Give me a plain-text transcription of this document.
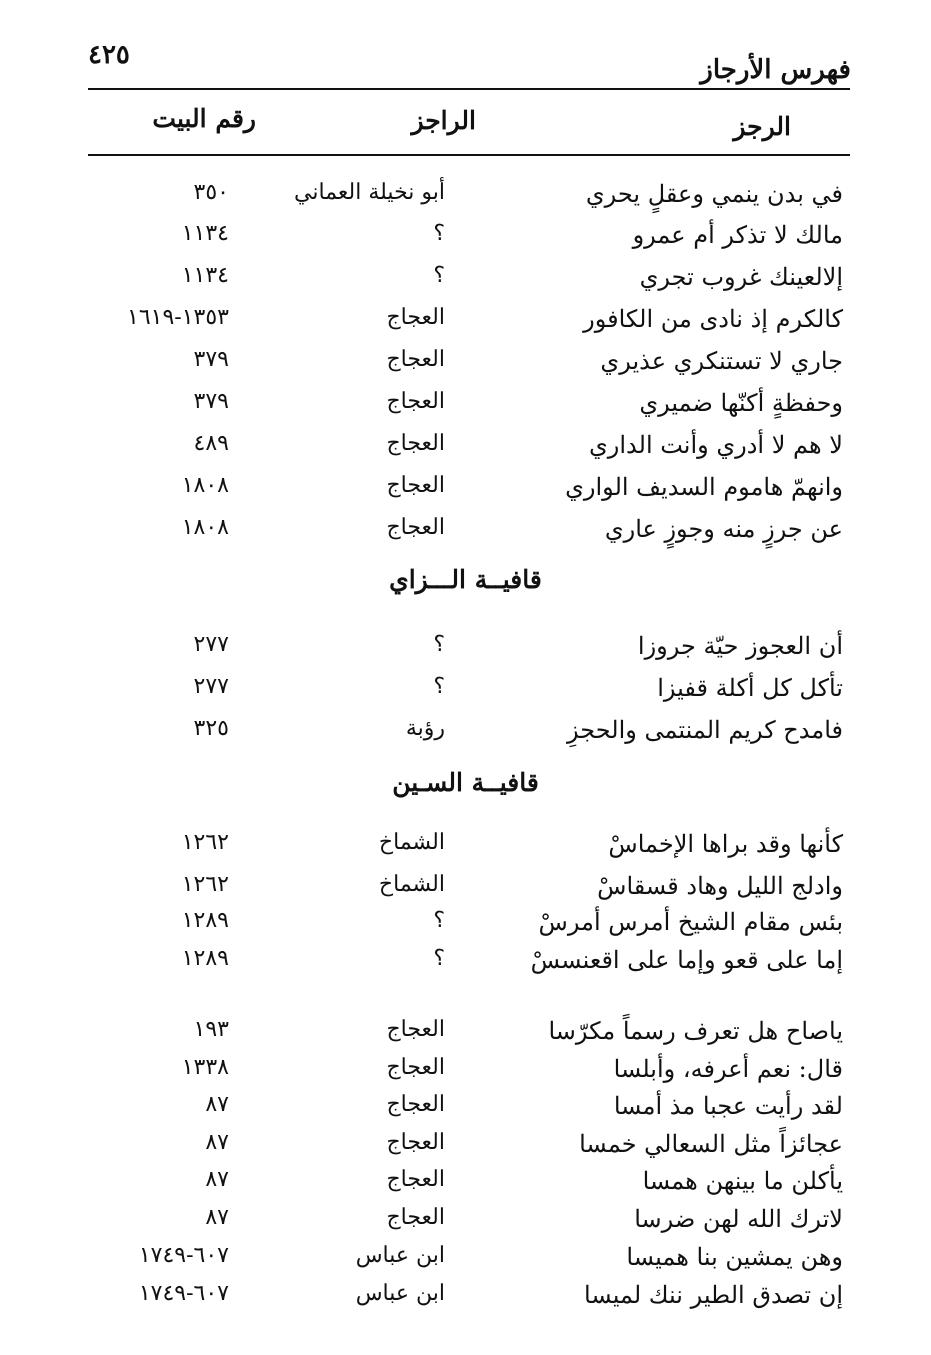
٤٢٥	فهرس الأرجاز
الرجز
الراجز
رقم البيت
في بدن ينمي وعقلٍ يحري
أبو نخيلة العماني
٣٥٠
مالك لا تذكر أم عمرو
؟
١١٣٤
إلالعينك غروب تجري
؟
١١٣٤
كالكرم إذ نادى من الكافور
العجاج
١٣٥٣-١٦١٩
جاري لا تستنكري عذيري
العجاج
٣٧٩
وحفظةٍ أكنّها ضميري
العجاج
٣٧٩
لا هم لا أدري وأنت الداري
العجاج
٤٨٩
وانهمّ هاموم السديف الواري
العجاج
١٨٠٨
عن جرزٍ منه وجوزٍ عاري
العجاج
١٨٠٨
قافيــة الـــزاي
أن العجوز حيّة جروزا
؟
٢٧٧
تأكل كل أكلة قفيزا
؟
٢٧٧
فامدح كريم المنتمى والحجزِ
رؤبة
٣٢٥
قافيــة السـين
كأنها وقد براها الإخماسْ
الشماخ
١٢٦٢
وادلج الليل وهاد قسقاسْ
الشماخ
١٢٦٢
بئس مقام الشيخ أمرس أمرسْ
؟
١٢٨٩
إما على قعو وإما على اقعنسسْ
؟
١٢٨٩
ياصاح هل تعرف رسماً مكرّسا
العجاج
١٩٣
قال: نعم أعرفه، وأبلسا
العجاج
١٣٣٨
لقد رأيت عجبا مذ أمسا
العجاج
٨٧
عجائزاً مثل السعالي خمسا
العجاج
٨٧
يأكلن ما بينهن همسا
العجاج
٨٧
لاترك الله لهن ضرسا
العجاج
٨٧
وهن يمشين بنا هميسا
ابن عباس
٦٠٧-١٧٤٩
إن تصدق الطير ننك لميسا
ابن عباس
٦٠٧-١٧٤٩
